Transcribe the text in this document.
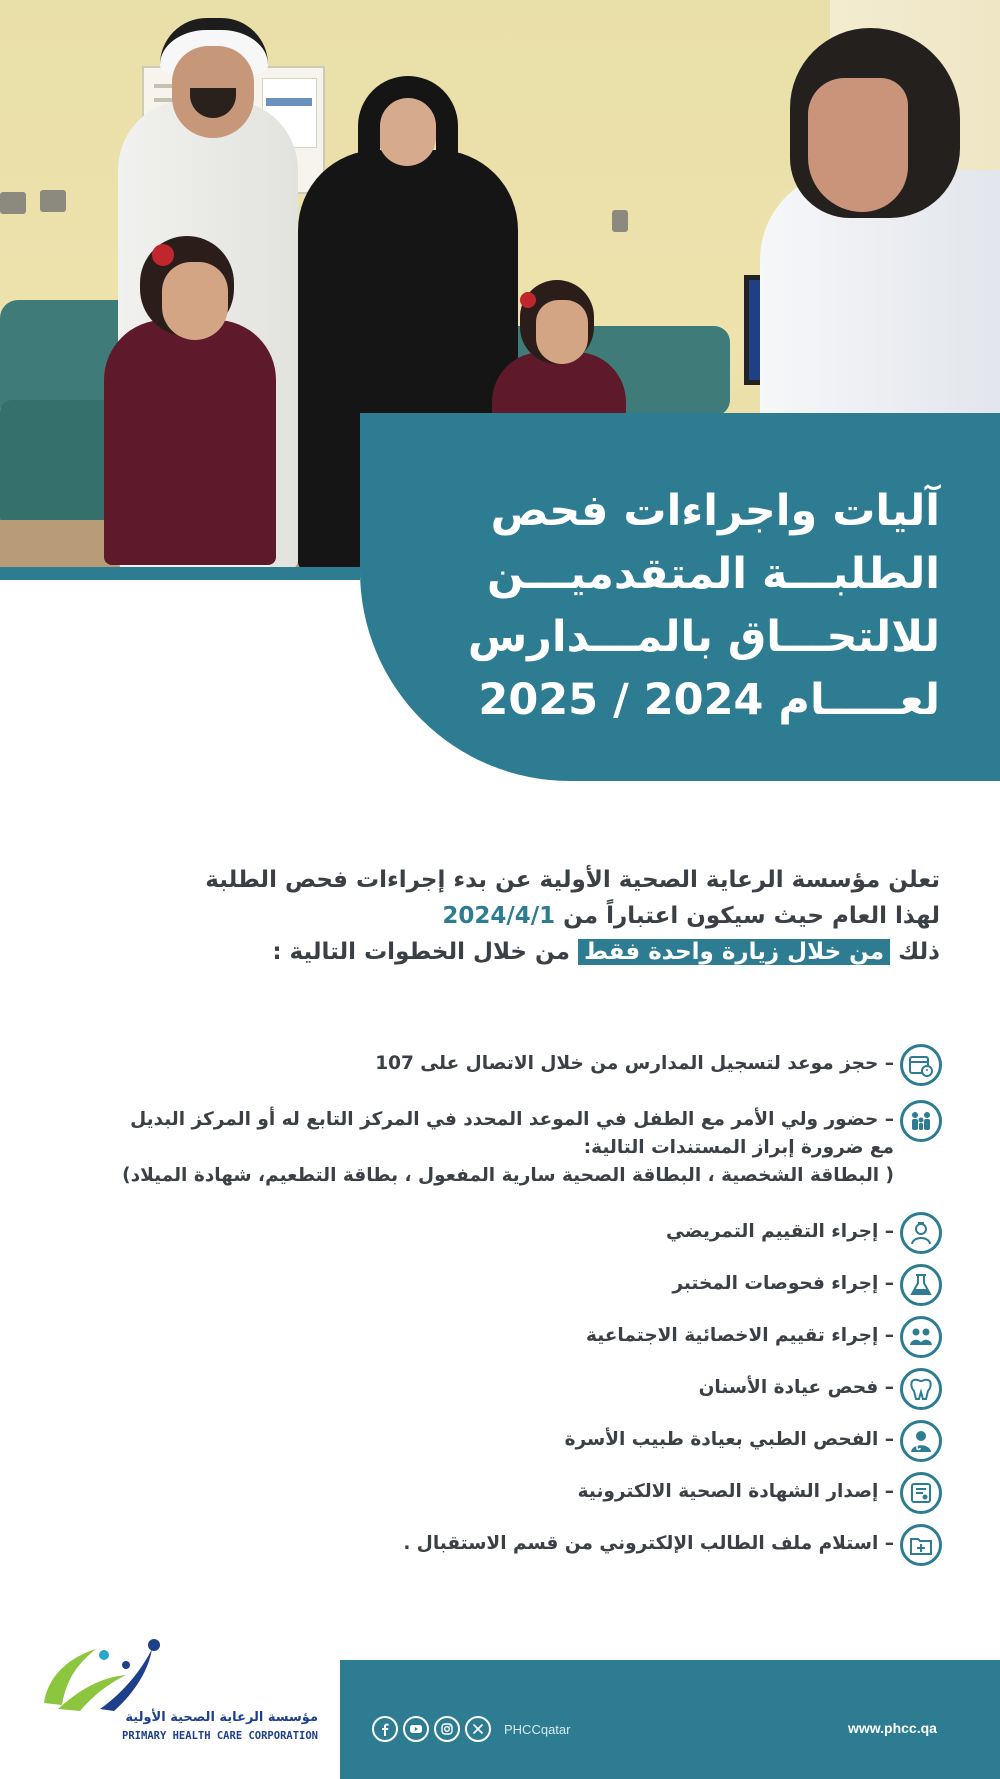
آليات واجراءات فحص
الطلبـــة المتقدميـــن
للالتحـــاق بالمـــدارس
لعـــــام 2024 / 2025
تعلن مؤسسة الرعاية الصحية الأولية عن بدء إجراءات فحص الطلبة
لهذا العام حيث سيكون اعتباراً من 2024/4/1
ذلك من خلال زيارة واحدة فقط من خلال الخطوات التالية :
– حجز موعد لتسجيل المدارس من خلال الاتصال على 107
– حضور ولي الأمر مع الطفل في الموعد المحدد في المركز التابع له أو المركز البديل
مع ضرورة إبراز المستندات التالية:
( البطاقة الشخصية ، البطاقة الصحية سارية المفعول ، بطاقة التطعيم، شهادة الميلاد)
– إجراء التقييم التمريضي
– إجراء فحوصات المختبر
– إجراء تقييم الاخصائية الاجتماعية
– فحص عيادة الأسنان
– الفحص الطبي بعيادة طبيب الأسرة
– إصدار الشهادة الصحية الالكترونية
– استلام ملف الطالب الإلكتروني من قسم الاستقبال .
مؤسسة الرعاية الصحية الأولية
PRIMARY HEALTH CARE CORPORATION	PHCCqatar	www.phcc.qa
